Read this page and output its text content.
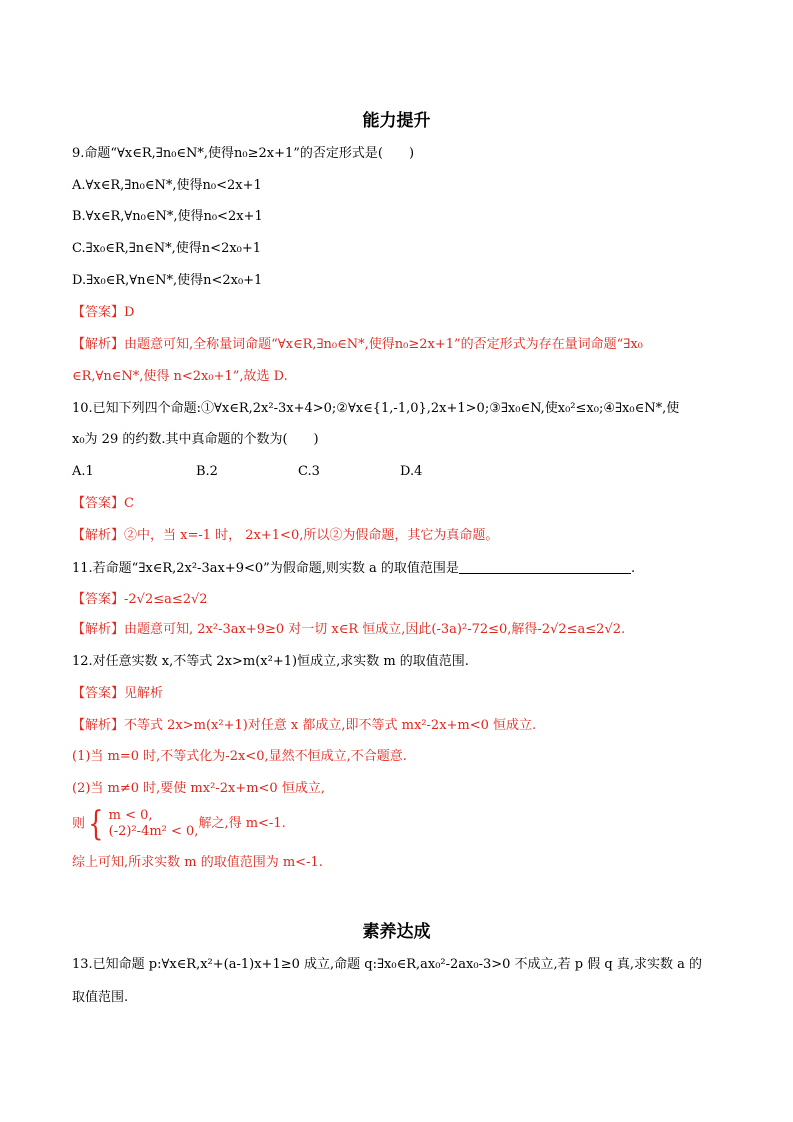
能力提升
9.命题“∀x∈R,∃n₀∈N*,使得n₀≥2x+1”的否定形式是(　　)
A.∀x∈R,∃n₀∈N*,使得n₀<2x+1
B.∀x∈R,∀n₀∈N*,使得n₀<2x+1
C.∃x₀∈R,∃n∈N*,使得n<2x₀+1
D.∃x₀∈R,∀n∈N*,使得n<2x₀+1
【答案】D
【解析】由题意可知,全称量词命题“∀x∈R,∃n₀∈N*,使得n₀≥2x+1”的否定形式为存在量词命题“∃x₀
∈R,∀n∈N*,使得 n<2x₀+1”,故选 D.
10.已知下列四个命题:①∀x∈R,2x²-3x+4>0;②∀x∈{1,-1,0},2x+1>0;③∃x₀∈N,使x₀²≤x₀;④∃x₀∈N*,使
x₀为 29 的约数.其中真命题的个数为(　　)
A.1	B.2	C.3	D.4
【答案】C
【解析】②中，当 x=-1 时， 2x+1<0,所以②为假命题，其它为真命题。
11.若命题“∃x∈R,2x²-3ax+9<0”为假命题,则实数 a 的取值范围是	.
【答案】-2√2≤a≤2√2
【解析】由题意可知, 2x²-3ax+9≥0 对一切 x∈R 恒成立,因此(-3a)²-72≤0,解得-2√2≤a≤2√2.
12.对任意实数 x,不等式 2x>m(x²+1)恒成立,求实数 m 的取值范围.
【答案】见解析
【解析】不等式 2x>m(x²+1)对任意 x 都成立,即不等式 mx²-2x+m<0 恒成立.
(1)当 m=0 时,不等式化为-2x<0,显然不恒成立,不合题意.
(2)当 m≠0 时,要使 mx²-2x+m<0 恒成立,
则{ m < 0,
(-2)²-4m² < 0,
解之,得 m<-1.
综上可知,所求实数 m 的取值范围为 m<-1.
素养达成
13.已知命题 p:∀x∈R,x²+(a-1)x+1≥0 成立,命题 q:∃x₀∈R,ax₀²-2ax₀-3>0 不成立,若 p 假 q 真,求实数 a 的
取值范围.
